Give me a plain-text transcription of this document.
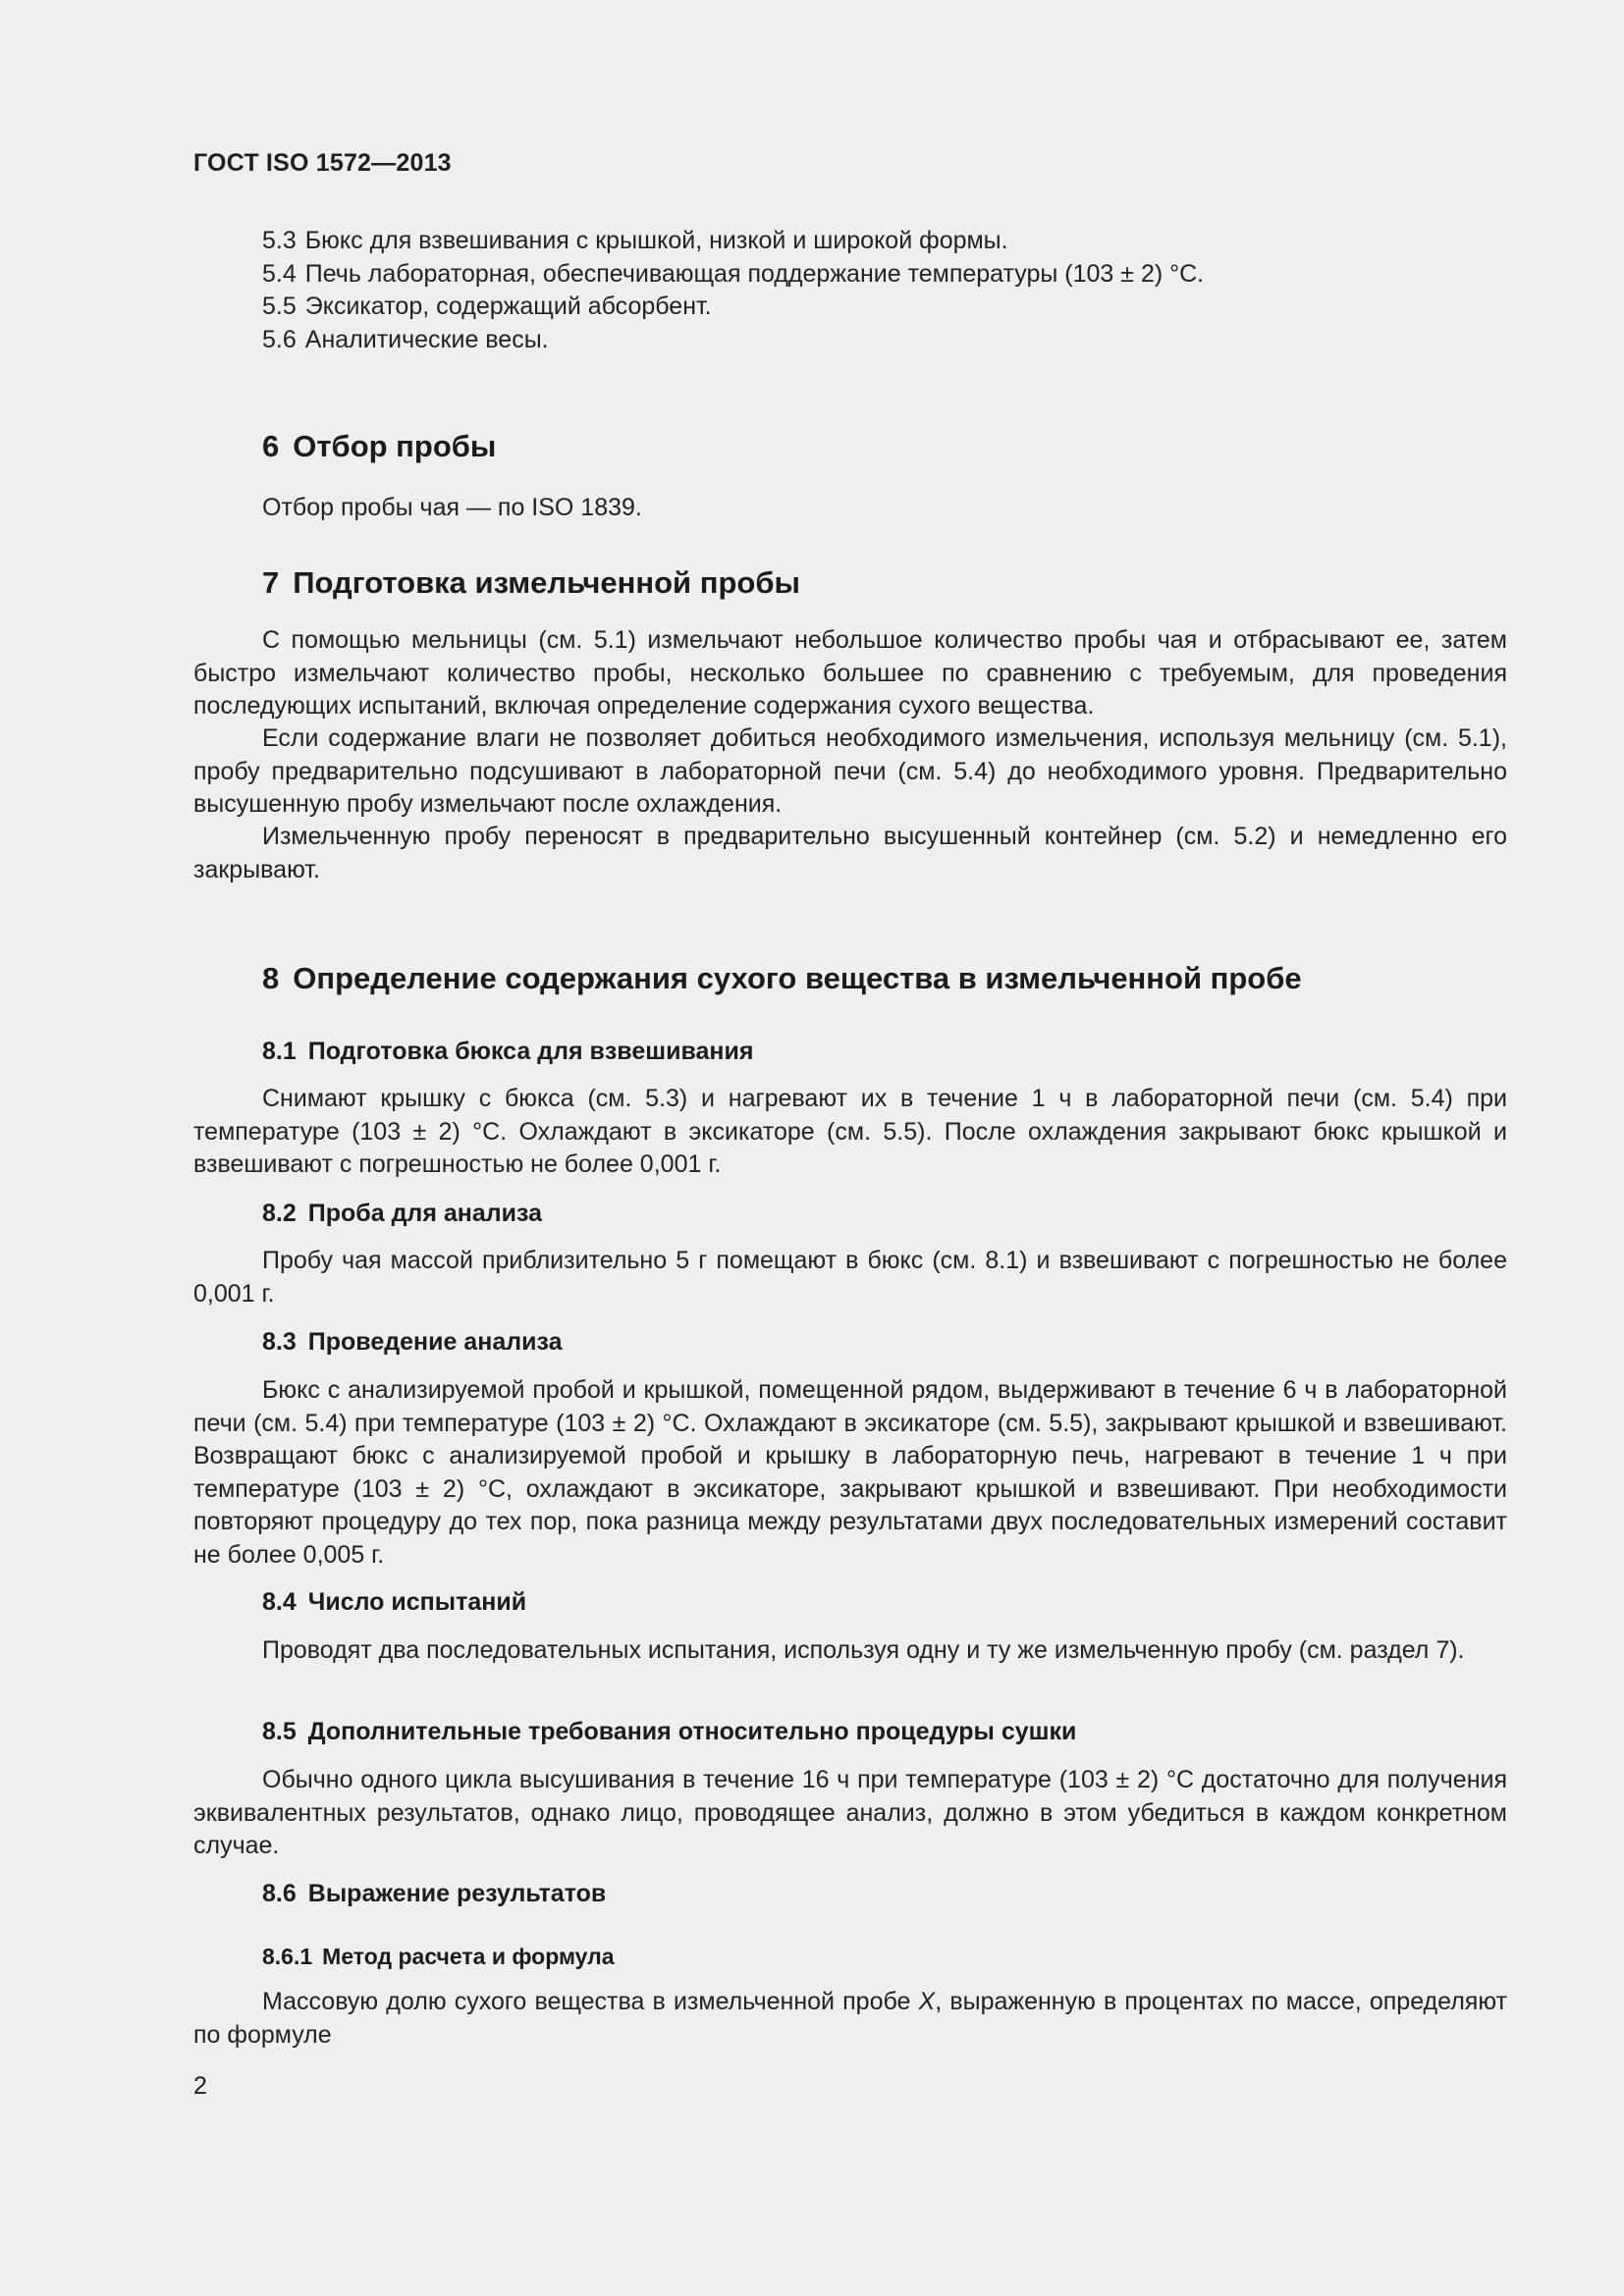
ГОСТ ISO 1572—2013
5.3 Бюкс для взвешивания с крышкой, низкой и широкой формы.
5.4 Печь лабораторная, обеспечивающая поддержание температуры (103 ± 2) °С.
5.5 Эксикатор, содержащий абсорбент.
5.6 Аналитические весы.
6 Отбор пробы

Отбор пробы чая — по ISO 1839.

7 Подготовка измельченной пробы

С помощью мельницы (см. 5.1) измельчают небольшое количество пробы чая и отбрасывают ее, затем быстро измельчают количество пробы, несколько большее по сравнению с требуемым, для проведения последующих испытаний, включая определение содержания сухого вещества.

Если содержание влаги не позволяет добиться необходимого измельчения, используя мельницу (см. 5.1), пробу предварительно подсушивают в лабораторной печи (см. 5.4) до необходимого уровня. Предварительно высушенную пробу измельчают после охлаждения.

Измельченную пробу переносят в предварительно высушенный контейнер (см. 5.2) и немедленно его закрывают.

8 Определение содержания сухого вещества в измельченной пробе
8.1 Подготовка бюкса для взвешивания

Снимают крышку с бюкса (см. 5.3) и нагревают их в течение 1 ч в лабораторной печи (см. 5.4) при температуре (103 ± 2) °С. Охлаждают в эксикаторе (см. 5.5). После охлаждения закрывают бюкс крышкой и взвешивают с погрешностью не более 0,001 г.

8.2 Проба для анализа

Пробу чая массой приблизительно 5 г помещают в бюкс (см. 8.1) и взвешивают с погрешностью не более 0,001 г.

8.3 Проведение анализа

Бюкс с анализируемой пробой и крышкой, помещенной рядом, выдерживают в течение 6 ч в лабораторной печи (см. 5.4) при температуре (103 ± 2) °С. Охлаждают в эксикаторе (см. 5.5), закрывают крышкой и взвешивают. Возвращают бюкс с анализируемой пробой и крышку в лабораторную печь, нагревают в течение 1 ч при температуре (103 ± 2) °С, охлаждают в эксикаторе, закрывают крышкой и взвешивают. При необходимости повторяют процедуру до тех пор, пока разница между результатами двух последовательных измерений составит не более 0,005 г.

8.4 Число испытаний

Проводят два последовательных испытания, используя одну и ту же измельченную пробу (см. раздел 7).

8.5 Дополнительные требования относительно процедуры сушки

Обычно одного цикла высушивания в течение 16 ч при температуре (103 ± 2) °С достаточно для получения эквивалентных результатов, однако лицо, проводящее анализ, должно в этом убедиться в каждом конкретном случае.

8.6 Выражение результатов
8.6.1 Метод расчета и формула

Массовую долю сухого вещества в измельченной пробе X, выраженную в процентах по массе, определяют по формуле

2
